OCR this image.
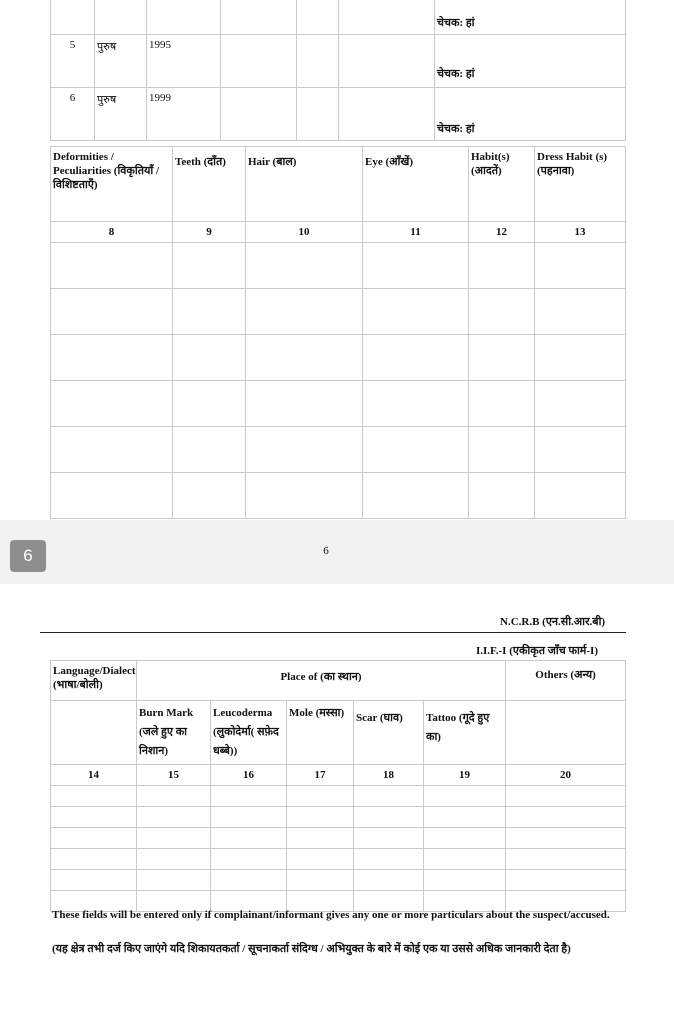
						चेचक: हां

5	पुरुष	1995				चेचक: हां

6	पुरुष	1999				चेचक: हां
Deformities / Peculiarities (विकृतियाँ / विशिष्टताएँ)	Teeth (दाँत)	Hair (बाल)	Eye (आँखें)	Habit(s) (आदतें)	Dress Habit (s) (पहनावा)
8	9	10	11	12	13

6	6
N.C.R.B (एन.सी.आर.बी)
I.I.F.-I (एकीकृत जाँच फार्म-I)
Language/Dialect (भाषा/बोली)	Place of (का स्थान)					Others (अन्य)
	Burn Mark (जले हुए का निशान)	Leucoderma (लुकोदेर्मा( सफ़ेद धब्बे))	Mole (मस्सा)	Scar (घाव)	Tattoo (गूदे हुए का)	
14	15	16	17	18	19	20

These fields will be entered only if complainant/informant gives any one or more particulars about the suspect/accused.
(यह क्षेत्र तभी दर्ज किए जाएंगे यदि शिकायतकर्ता / सूचनाकर्ता संदिग्ध / अभियुक्त के बारे में कोई एक या उससे अधिक जानकारी देता है)
